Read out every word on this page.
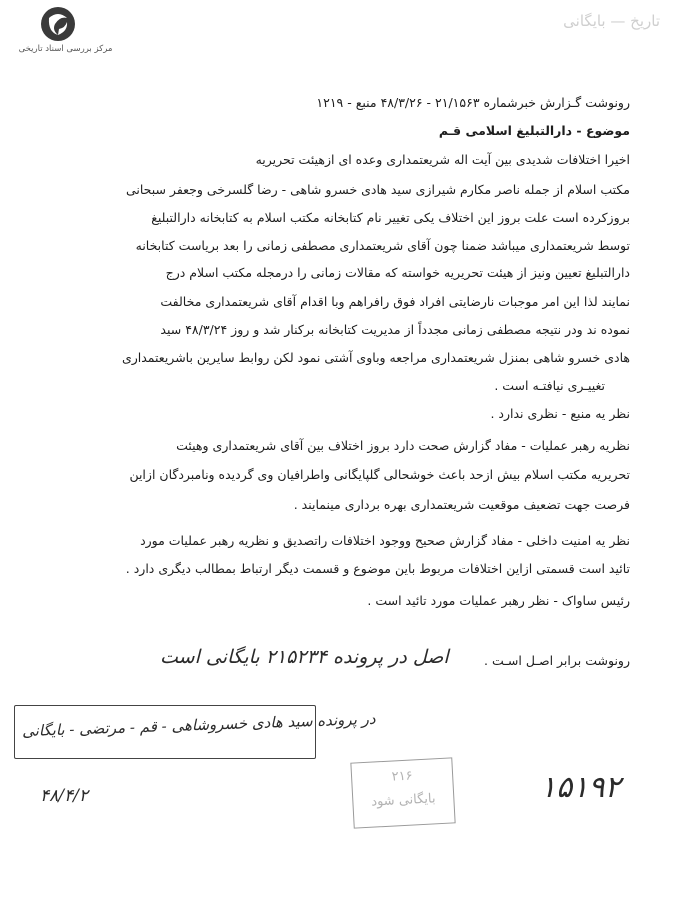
مرکز بررسی اسناد تاریخی
تاریخ — بایگانی
رونوشت گـزارش خبرشماره ۲۱/۱۵۶۳ - ۴۸/۳/۲۶ منبع - ۱۲۱۹
موضوع - دارالتبلیغ اسلامی قـم
اخیرا اختلافات شدیدی بین آیت اله شریعتمداری وعده ای ازهیئت تحریریه
مکتب اسلام از جمله ناصر مکارم شیرازی سید هادی خسرو شاهی - رضا گلسرخی وجعفر سبحانی
بروزکرده است علت بروز این اختلاف یکی تغییر نام کتابخانه مکتب اسلام به کتابخانه دارالتبلیغ
توسط شریعتمداری میباشد ضمنا چون آقای شریعتمداری مصطفی زمانی را بعد بریاست کتابخانه
دارالتبلیغ تعیین ونیز از هیئت تحریریه خواسته که مقالات زمانی را درمجله مکتب اسلام درج
نمایند لذا این امر موجبات نارضایتی افراد فوق رافراهم وبا اقدام آقای شریعتمداری مخالفت
نموده ند ودر نتیجه مصطفی زمانی مجدداً از مدیریت کتابخانه برکنار شد و روز ۴۸/۳/۲۴ سید
هادی خسرو شاهی بمنزل شریعتمداری مراجعه وباوی آشتی نمود لکن روابط سایرین باشریعتمداری
تغییـری نیافتـه است .
نظر یه منبع - نظری ندارد .
نظریه رهبر عملیات - مفاد گزارش صحت دارد بروز اختلاف بین آقای شریعتمداری وهیئت
تحریریه مکتب اسلام بیش ازحد باعث خوشحالی گلپایگانی واطرافیان وی گردیده ونامبردگان ازاین
فرصت جهت تضعیف موقعیت شریعتمداری بهره برداری مینمایند .
نظر یه امنیت داخلی - مفاد گزارش صحیح ووجود اختلافات راتصدیق و نظریه رهبر عملیات مورد
تائید است قسمتی ازاین اختلافات مربوط باین موضوع و قسمت دیگر ارتباط بمطالب دیگری دارد .
رئیس ساواک - نظر رهبر عملیات مورد تائید است .
رونوشت برابر اصـل اسـت .
اصل در پرونده ۲۱۵۲۳۴ بایگانی است
در پرونده سید هادی خسروشاهی - قم - مرتضی - بایگانی
۴۸/۴/۲	۱۵۱۹۲
۲۱۶
بایگانی شود
